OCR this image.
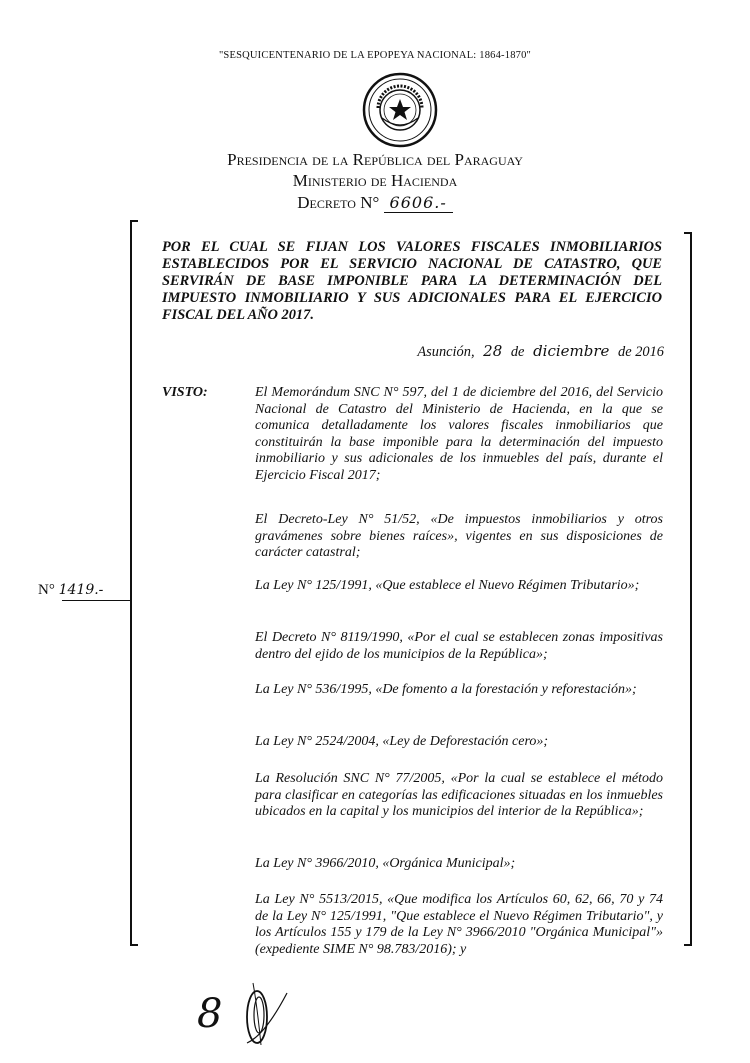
"SESQUICENTENARIO DE LA EPOPEYA NACIONAL: 1864-1870"
Presidencia de la República del Paraguay
Ministerio de Hacienda
Decreto N° 6606.-
POR EL CUAL SE FIJAN LOS VALORES FISCALES INMOBILIARIOS ESTABLECIDOS POR EL SERVICIO NACIONAL DE CATASTRO, QUE SERVIRÁN DE BASE IMPONIBLE PARA LA DETERMINACIÓN DEL IMPUESTO INMOBILIARIO Y SUS ADICIONALES PARA EL EJERCICIO FISCAL DEL AÑO 2017.
Asunción, 28 de diciembre de 2016
VISTO:	El Memorándum SNC N° 597, del 1 de diciembre del 2016, del Servicio Nacional de Catastro del Ministerio de Hacienda, en la que se comunica detalladamente los valores fiscales inmobiliarios que constituirán la base imponible para la determinación del impuesto inmobiliario y sus adicionales de los inmuebles del país, durante el Ejercicio Fiscal 2017;
El Decreto-Ley N° 51/52, «De impuestos inmobiliarios y otros gravámenes sobre bienes raíces», vigentes en sus disposiciones de carácter catastral;
La Ley N° 125/1991, «Que establece el Nuevo Régimen Tributario»;
El Decreto N° 8119/1990, «Por el cual se establecen zonas impositivas dentro del ejido de los municipios de la República»;
La Ley N° 536/1995, «De fomento a la forestación y reforestación»;
La Ley N° 2524/2004, «Ley de Deforestación cero»;
La Resolución SNC N° 77/2005, «Por la cual se establece el método para clasificar en categorías las edificaciones situadas en los inmuebles ubicados en la capital y los municipios del interior de la República»;
La Ley N° 3966/2010, «Orgánica Municipal»;
La Ley N° 5513/2015, «Que modifica los Artículos 60, 62, 66, 70 y 74 de la Ley N° 125/1991, "Que establece el Nuevo Régimen Tributario", y los Artículos 155 y 179 de la Ley N° 3966/2010 "Orgánica Municipal"» (expediente SIME N° 98.783/2016); y
N° 1419.-
8
